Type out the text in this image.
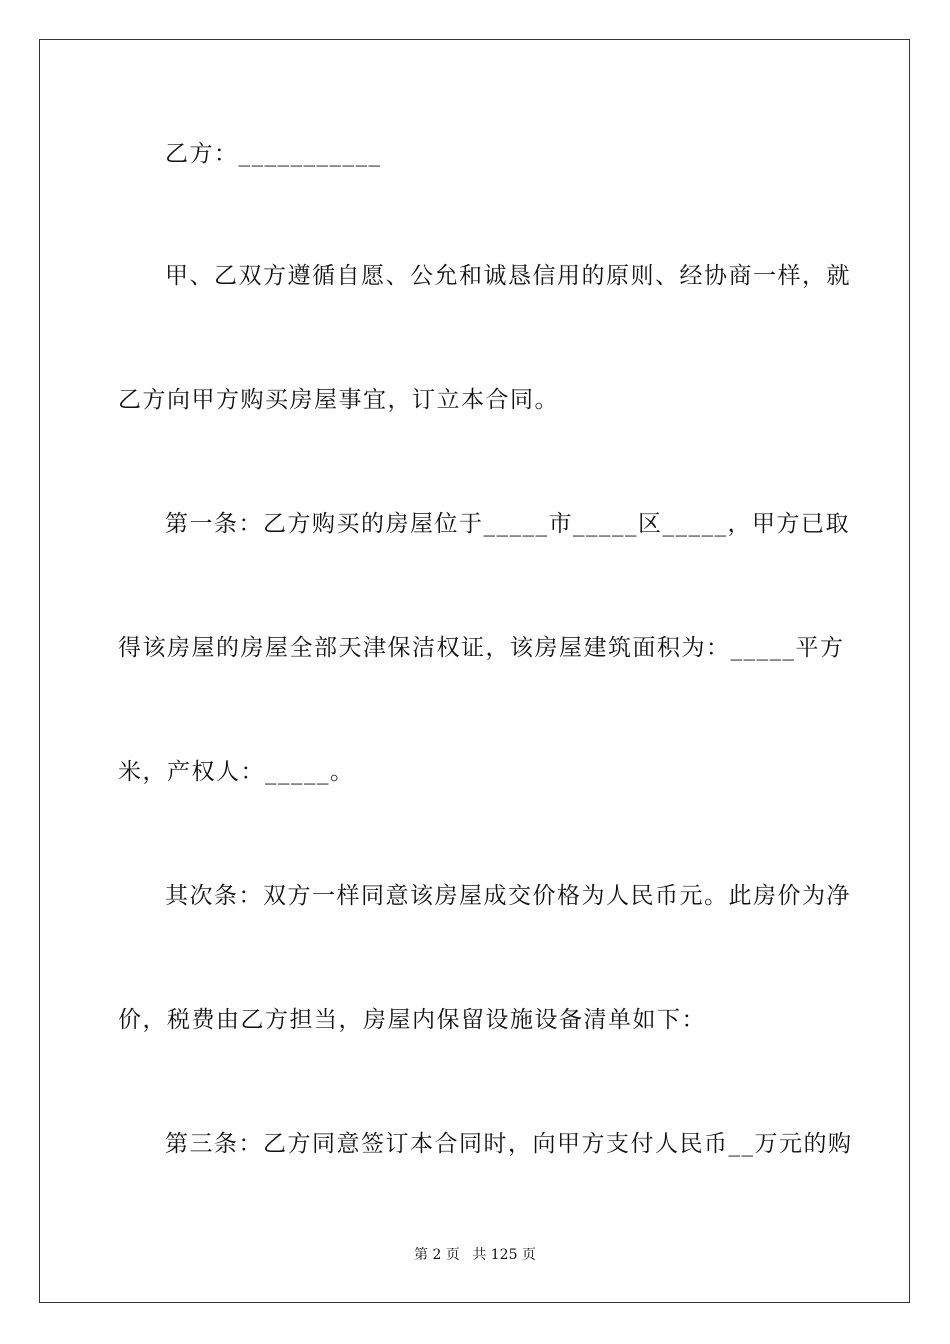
乙方：___________
甲、乙双方遵循自愿、公允和诚恳信用的原则、经协商一样，就
乙方向甲方购买房屋事宜，订立本合同。
第一条：乙方购买的房屋位于_____市_____区_____，甲方已取
得该房屋的房屋全部天津保洁权证，该房屋建筑面积为：_____平方
米，产权人：_____。
其次条：双方一样同意该房屋成交价格为人民币元。此房价为净
价，税费由乙方担当，房屋内保留设施设备清单如下：
第三条：乙方同意签订本合同时，向甲方支付人民币__万元的购
第 2 页 共 125 页
